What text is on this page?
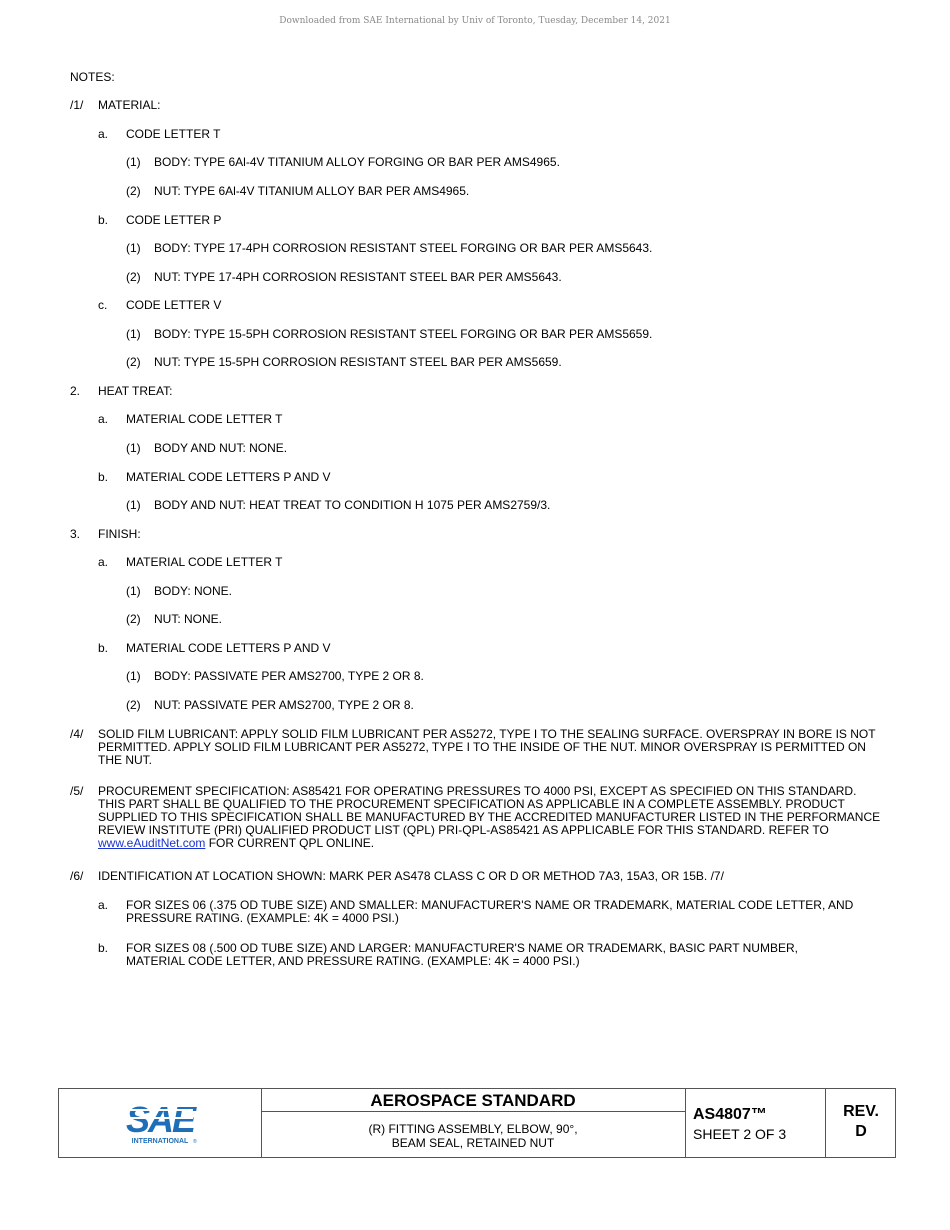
Downloaded from SAE International by Univ of Toronto, Tuesday, December 14, 2021
NOTES:
/1/ MATERIAL:
a. CODE LETTER T
(1) BODY: TYPE 6Al-4V TITANIUM ALLOY FORGING OR BAR PER AMS4965.
(2) NUT: TYPE 6Al-4V TITANIUM ALLOY BAR PER AMS4965.
b. CODE LETTER P
(1) BODY: TYPE 17-4PH CORROSION RESISTANT STEEL FORGING OR BAR PER AMS5643.
(2) NUT: TYPE 17-4PH CORROSION RESISTANT STEEL BAR PER AMS5643.
c. CODE LETTER V
(1) BODY: TYPE 15-5PH CORROSION RESISTANT STEEL FORGING OR BAR PER AMS5659.
(2) NUT: TYPE 15-5PH CORROSION RESISTANT STEEL BAR PER AMS5659.
2. HEAT TREAT:
a. MATERIAL CODE LETTER T
(1) BODY AND NUT: NONE.
b. MATERIAL CODE LETTERS P AND V
(1) BODY AND NUT: HEAT TREAT TO CONDITION H 1075 PER AMS2759/3.
3. FINISH:
a. MATERIAL CODE LETTER T
(1) BODY: NONE.
(2) NUT: NONE.
b. MATERIAL CODE LETTERS P AND V
(1) BODY: PASSIVATE PER AMS2700, TYPE 2 OR 8.
(2) NUT: PASSIVATE PER AMS2700, TYPE 2 OR 8.
/4/ SOLID FILM LUBRICANT: APPLY SOLID FILM LUBRICANT PER AS5272, TYPE I TO THE SEALING SURFACE. OVERSPRAY IN BORE IS NOT PERMITTED. APPLY SOLID FILM LUBRICANT PER AS5272, TYPE I TO THE INSIDE OF THE NUT. MINOR OVERSPRAY IS PERMITTED ON THE NUT.
/5/ PROCUREMENT SPECIFICATION: AS85421 FOR OPERATING PRESSURES TO 4000 PSI, EXCEPT AS SPECIFIED ON THIS STANDARD. THIS PART SHALL BE QUALIFIED TO THE PROCUREMENT SPECIFICATION AS APPLICABLE IN A COMPLETE ASSEMBLY. PRODUCT SUPPLIED TO THIS SPECIFICATION SHALL BE MANUFACTURED BY THE ACCREDITED MANUFACTURER LISTED IN THE PERFORMANCE REVIEW INSTITUTE (PRI) QUALIFIED PRODUCT LIST (QPL) PRI-QPL-AS85421 AS APPLICABLE FOR THIS STANDARD. REFER TO www.eAuditNet.com FOR CURRENT QPL ONLINE.
/6/ IDENTIFICATION AT LOCATION SHOWN: MARK PER AS478 CLASS C OR D OR METHOD 7A3, 15A3, OR 15B. /7/
a. FOR SIZES 06 (.375 OD TUBE SIZE) AND SMALLER: MANUFACTURER'S NAME OR TRADEMARK, MATERIAL CODE LETTER, AND PRESSURE RATING. (EXAMPLE: 4K = 4000 PSI.)
b. FOR SIZES 08 (.500 OD TUBE SIZE) AND LARGER: MANUFACTURER'S NAME OR TRADEMARK, BASIC PART NUMBER, MATERIAL CODE LETTER, AND PRESSURE RATING. (EXAMPLE: 4K = 4000 PSI.)
SAE
INTERNATIONAL ®
AEROSPACE STANDARD
(R) FITTING ASSEMBLY, ELBOW, 90°,
BEAM SEAL, RETAINED NUT
AS4807™
SHEET 2 OF 3
REV.
D
